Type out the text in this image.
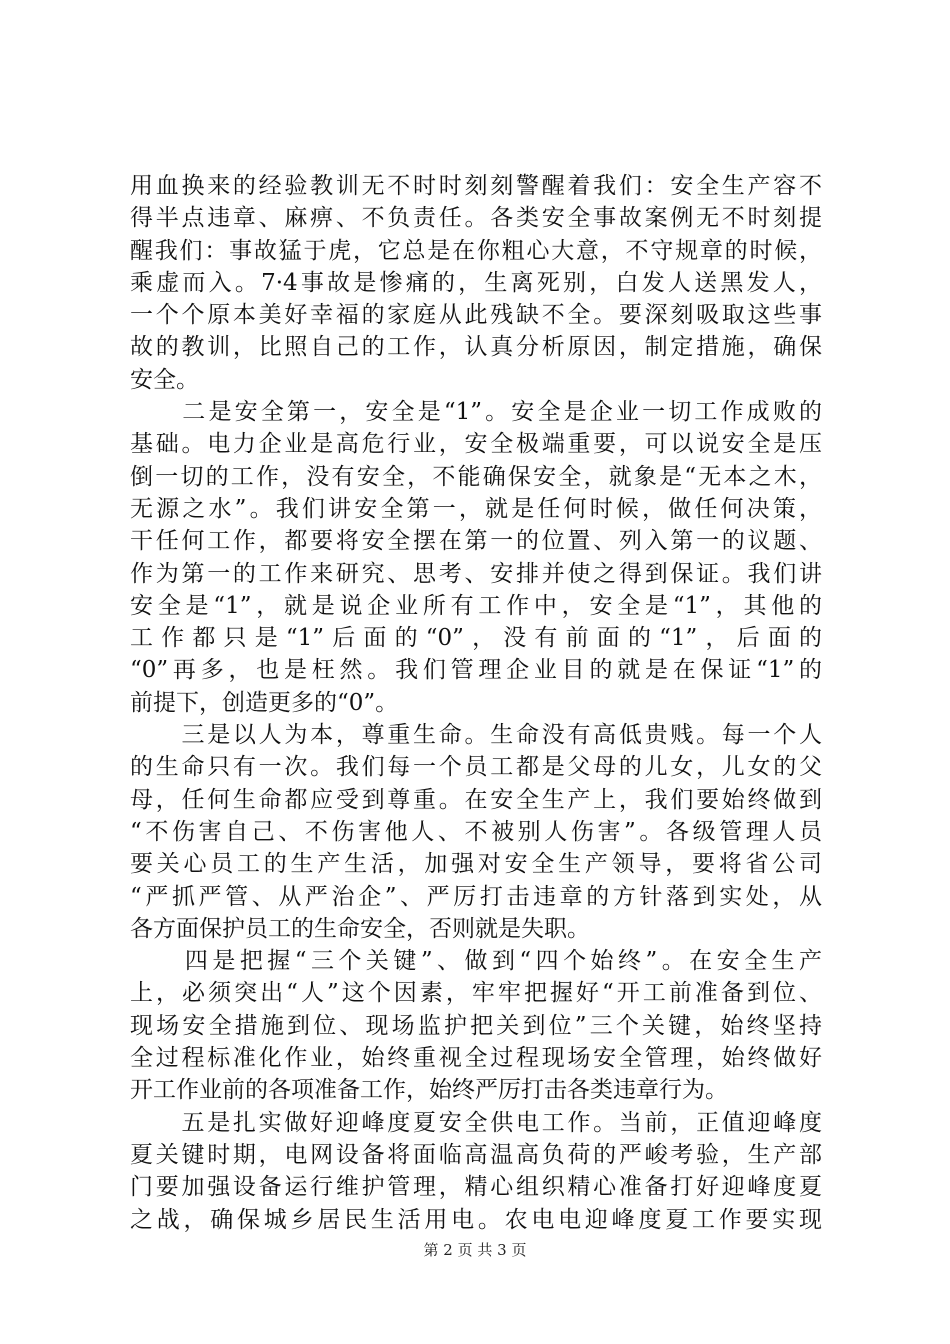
用血换来的经验教训无不时时刻刻警醒着我们：安全生产容不
得半点违章、麻痹、不负责任。各类安全事故案例无不时刻提
醒我们：事故猛于虎，它总是在你粗心大意，不守规章的时候，
乘虚而入。7·4事故是惨痛的，生离死别，白发人送黑发人，
一个个原本美好幸福的家庭从此残缺不全。要深刻吸取这些事
故的教训，比照自己的工作，认真分析原因，制定措施，确保
安全。
　　二是安全第一，安全是“1”。安全是企业一切工作成败的
基础。电力企业是高危行业，安全极端重要，可以说安全是压
倒一切的工作，没有安全，不能确保安全，就象是“无本之木，
无源之水”。我们讲安全第一，就是任何时候，做任何决策，
干任何工作，都要将安全摆在第一的位置、列入第一的议题、
作为第一的工作来研究、思考、安排并使之得到保证。我们讲
安全是“1”，就是说企业所有工作中，安全是“1”，其他的
工作都只是“1”后面的“0”，没有前面的“1”，后面的
“0”再多，也是枉然。我们管理企业目的就是在保证“1”的
前提下，创造更多的“0”。
　　三是以人为本，尊重生命。生命没有高低贵贱。每一个人
的生命只有一次。我们每一个员工都是父母的儿女，儿女的父
母，任何生命都应受到尊重。在安全生产上，我们要始终做到
“不伤害自己、不伤害他人、不被别人伤害”。各级管理人员
要关心员工的生产生活，加强对安全生产领导，要将省公司
“严抓严管、从严治企”、严厉打击违章的方针落到实处，从
各方面保护员工的生命安全，否则就是失职。
　　四是把握“三个关键”、做到“四个始终”。在安全生产
上，必须突出“人”这个因素，牢牢把握好“开工前准备到位、
现场安全措施到位、现场监护把关到位”三个关键，始终坚持
全过程标准化作业，始终重视全过程现场安全管理，始终做好
开工作业前的各项准备工作，始终严厉打击各类违章行为。
　　五是扎实做好迎峰度夏安全供电工作。当前，正值迎峰度
夏关键时期，电网设备将面临高温高负荷的严峻考验，生产部
门要加强设备运行维护管理，精心组织精心准备打好迎峰度夏
之战，确保城乡居民生活用电。农电电迎峰度夏工作要实现
第 2 页 共 3 页
